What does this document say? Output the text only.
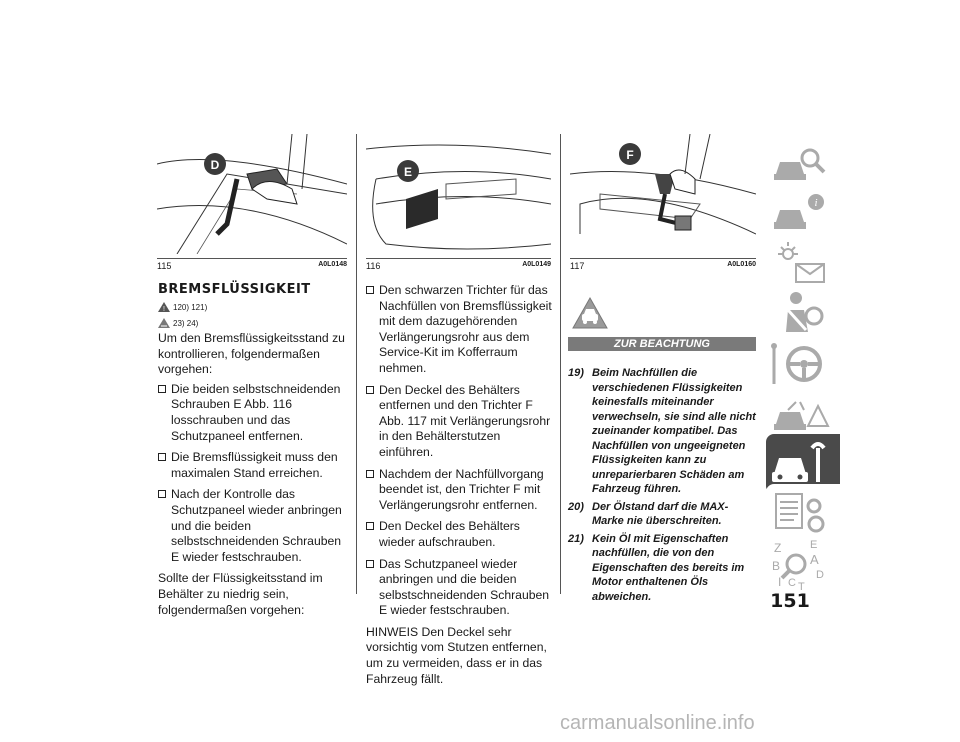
D
115	A0L0148
E
116	A0L0149
F
117	A0L0160
BREMSFLÜSSIGKEIT
! 120) 121)
23) 24)

Um den Bremsflüssigkeitsstand zu kontrollieren, folgendermaßen vorgehen:

Die beiden selbstschneidenden Schrauben E Abb. 116 losschrauben und das Schutzpaneel entfernen.
Die Bremsflüssigkeit muss den maximalen Stand erreichen.
Nach der Kontrolle das Schutzpaneel wieder anbringen und die beiden selbstschneidenden Schrauben E wieder festschrauben.

Sollte der Flüssigkeitsstand im Behälter zu niedrig sein, folgendermaßen vorgehen:

Den schwarzen Trichter für das Nachfüllen von Bremsflüssigkeit mit dem dazugehörenden Verlängerungsrohr aus dem Service-Kit im Kofferraum nehmen.
Den Deckel des Behälters entfernen und den Trichter F Abb. 117 mit Verlängerungsrohr in den Behälterstutzen einführen.
Nachdem der Nachfüllvorgang beendet ist, den Trichter F mit Verlängerungsrohr entfernen.
Den Deckel des Behälters wieder aufschrauben.
Das Schutzpaneel wieder anbringen und die beiden selbstschneidenden Schrauben E wieder festschrauben.

HINWEIS Den Deckel sehr vorsichtig vom Stutzen entfernen, um zu vermeiden, dass er in das Fahrzeug fällt.

ZUR BEACHTUNG
19) Beim Nachfüllen die verschiedenen Flüssigkeiten keinesfalls miteinander verwechseln, sie sind alle nicht zueinander kompatibel. Das Nachfüllen von ungeeigneten Flüssigkeiten kann zu unreparierbaren Schäden am Fahrzeug führen.
20) Der Ölstand darf die MAX-Marke nie überschreiten.
21) Kein Öl mit Eigenschaften nachfüllen, die von den Eigenschaften des bereits im Motor enthaltenen Öls abweichen.
i
Z	E
B A
I C T
D
151
carmanualsonline.info
